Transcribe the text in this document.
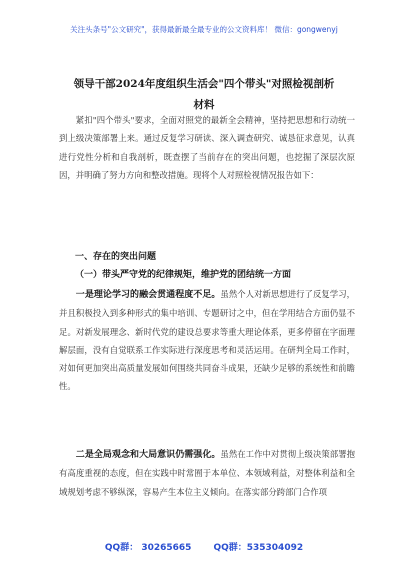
关注头条号"公文研究"，获得最新最全最专业的公文资料库！ 微信：gongwenyj
领导干部2024年度组织生活会"四个带头"对照检视剖析
材料
紧扣"四个带头"要求，全面对照党的最新全会精神，坚持把思想和行动统一到上级决策部署上来。通过反复学习研读、深入调查研究、诚恳征求意见，认真进行党性分析和自我剖析，既查摆了当前存在的突出问题，也挖掘了深层次原因，并明确了努力方向和整改措施。现将个人对照检视情况报告如下：
一、存在的突出问题
（一）带头严守党的纪律规矩，维护党的团结统一方面
一是理论学习的融会贯通程度不足。虽然个人对新思想进行了反复学习，并且积极投入到多种形式的集中培训、专题研讨之中，但在学用结合方面仍显不足。对新发展理念、新时代党的建设总要求等重大理论体系，更多停留在字面理解层面，没有自觉联系工作实际进行深度思考和灵活运用。在研判全局工作时，对如何更加突出高质量发展如何围绕共同奋斗成果，还缺少足够的系统性和前瞻性。
二是全局观念和大局意识仍需强化。虽然在工作中对贯彻上级决策部署抱有高度重视的态度，但在实践中时常囿于本单位、本领域利益，对整体利益和全域规划考虑不够纵深，容易产生本位主义倾向。在落实部分跨部门合作项
QQ群： 30265665 QQ群：535304092
